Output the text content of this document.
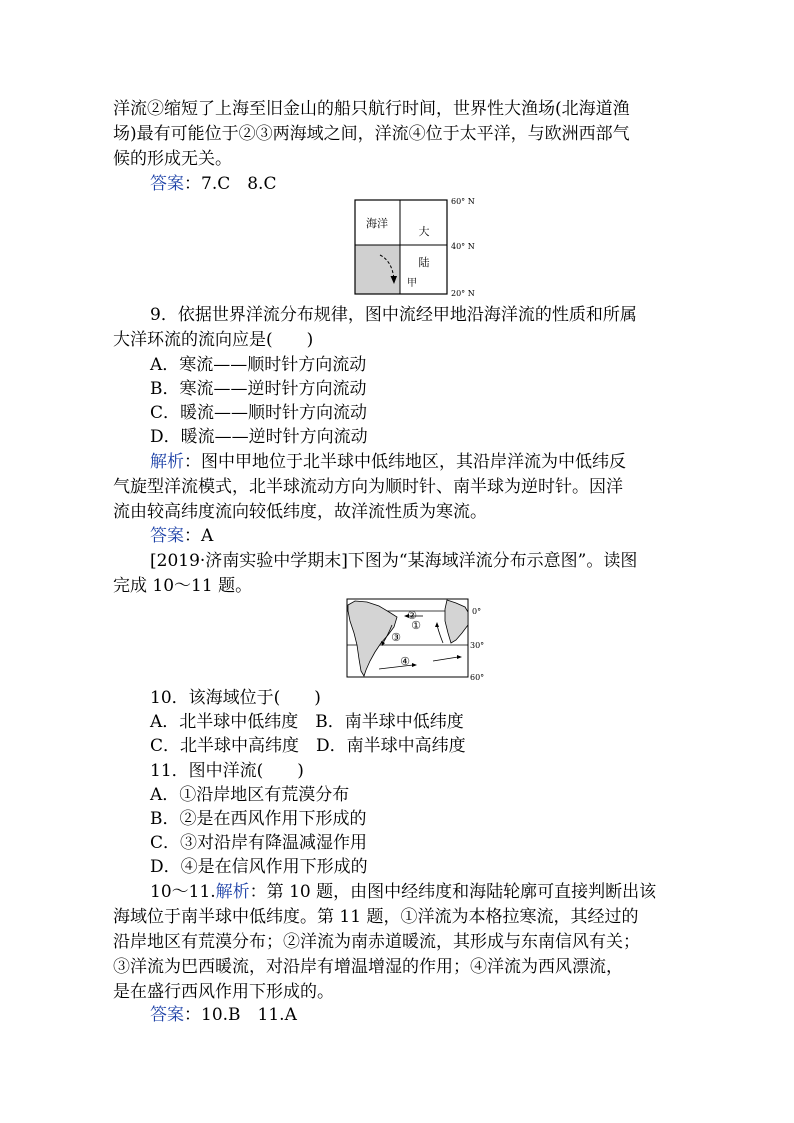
洋流②缩短了上海至旧金山的船只航行时间，世界性大渔场(北海道渔
场)最有可能位于②③两海域之间，洋流④位于太平洋，与欧洲西部气
候的形成无关。
答案：7.C　8.C
海洋
大
陆
甲
60° N
40° N
20° N
9．依据世界洋流分布规律，图中流经甲地沿海洋流的性质和所属
大洋环流的流向应是(　　)
A．寒流——顺时针方向流动
B．寒流——逆时针方向流动
C．暖流——顺时针方向流动
D．暖流——逆时针方向流动
解析：图中甲地位于北半球中低纬地区，其沿岸洋流为中低纬反
气旋型洋流模式，北半球流动方向为顺时针、南半球为逆时针。因洋
流由较高纬度流向较低纬度，故洋流性质为寒流。
答案：A
[2019·济南实验中学期末]下图为“某海域洋流分布示意图”。读图
完成 10～11 题。
①
②
③
④
0°
30°
60°
10．该海域位于(　　)
A．北半球中低纬度　B．南半球中低纬度
C．北半球中高纬度　D．南半球中高纬度
11．图中洋流(　　)
A．①沿岸地区有荒漠分布
B．②是在西风作用下形成的
C．③对沿岸有降温减湿作用
D．④是在信风作用下形成的
10～11.解析：第 10 题，由图中经纬度和海陆轮廓可直接判断出该
海域位于南半球中低纬度。第 11 题，①洋流为本格拉寒流，其经过的
沿岸地区有荒漠分布；②洋流为南赤道暖流，其形成与东南信风有关；
③洋流为巴西暖流，对沿岸有增温增湿的作用；④洋流为西风漂流，
是在盛行西风作用下形成的。
答案：10.B　11.A
